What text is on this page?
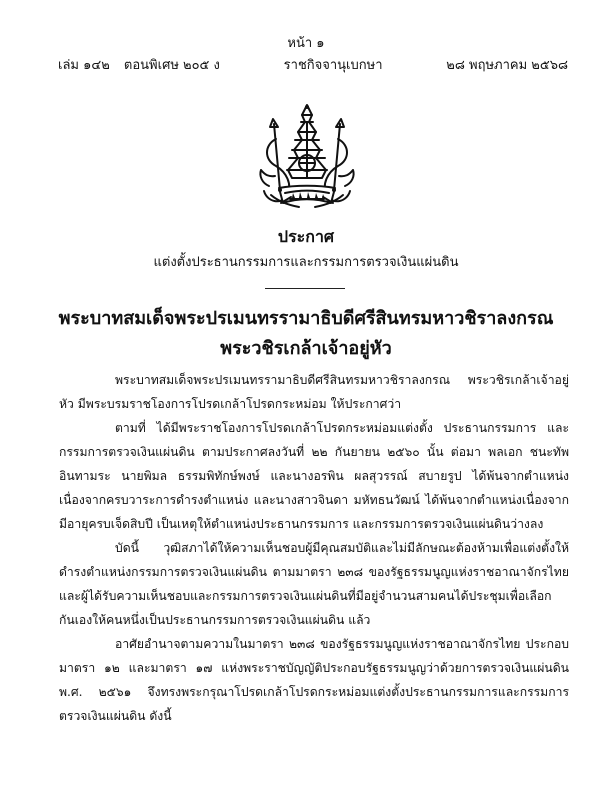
หน้า ๑
เล่ม ๑๔๒ ตอนพิเศษ ๒๐๕ ง	ราชกิจจานุเบกษา	๒๘ พฤษภาคม ๒๕๖๘
ประกาศ
แต่งตั้งประธานกรรมการและกรรมการตรวจเงินแผ่นดิน
พระบาทสมเด็จพระปรเมนทรรามาธิบดีศรีสินทรมหาวชิราลงกรณ
พระวชิรเกล้าเจ้าอยู่หัว

พระบาทสมเด็จพระปรเมนทรรามาธิบดีศรีสินทรมหาวชิราลงกรณ พระวชิรเกล้าเจ้าอยู่หัว มีพระบรมราชโองการโปรดเกล้าโปรดกระหม่อม ให้ประกาศว่า

ตามที่ ได้มีพระราชโองการโปรดเกล้าโปรดกระหม่อมแต่งตั้ง ประธานกรรมการ และกรรมการตรวจเงินแผ่นดิน ตามประกาศลงวันที่ ๒๒ กันยายน ๒๕๖๐ นั้น ต่อมา พลเอก ชนะทัพ อินทามระ นายพิมล ธรรมพิทักษ์พงษ์ และนางอรพิน ผลสุวรรณ์ สบายรูป ได้พ้นจากตำแหน่งเนื่องจากครบวาระการดำรงตำแหน่ง และนางสาวจินดา มหัทธนวัฒน์ ได้พ้นจากตำแหน่งเนื่องจากมีอายุครบเจ็ดสิบปี เป็นเหตุให้ตำแหน่งประธานกรรมการ และกรรมการตรวจเงินแผ่นดินว่างลง

บัดนี้ วุฒิสภาได้ให้ความเห็นชอบผู้มีคุณสมบัติและไม่มีลักษณะต้องห้ามเพื่อแต่งตั้งให้ดำรงตำแหน่งกรรมการตรวจเงินแผ่นดิน ตามมาตรา ๒๓๘ ของรัฐธรรมนูญแห่งราชอาณาจักรไทย และผู้ได้รับความเห็นชอบและกรรมการตรวจเงินแผ่นดินที่มีอยู่จำนวนสามคนได้ประชุมเพื่อเลือกกันเองให้คนหนึ่งเป็นประธานกรรมการตรวจเงินแผ่นดิน แล้ว

อาศัยอำนาจตามความในมาตรา ๒๓๘ ของรัฐธรรมนูญแห่งราชอาณาจักรไทย ประกอบมาตรา ๑๒ และมาตรา ๑๗ แห่งพระราชบัญญัติประกอบรัฐธรรมนูญว่าด้วยการตรวจเงินแผ่นดิน พ.ศ. ๒๕๖๑ จึงทรงพระกรุณาโปรดเกล้าโปรดกระหม่อมแต่งตั้งประธานกรรมการและกรรมการตรวจเงินแผ่นดิน ดังนี้
